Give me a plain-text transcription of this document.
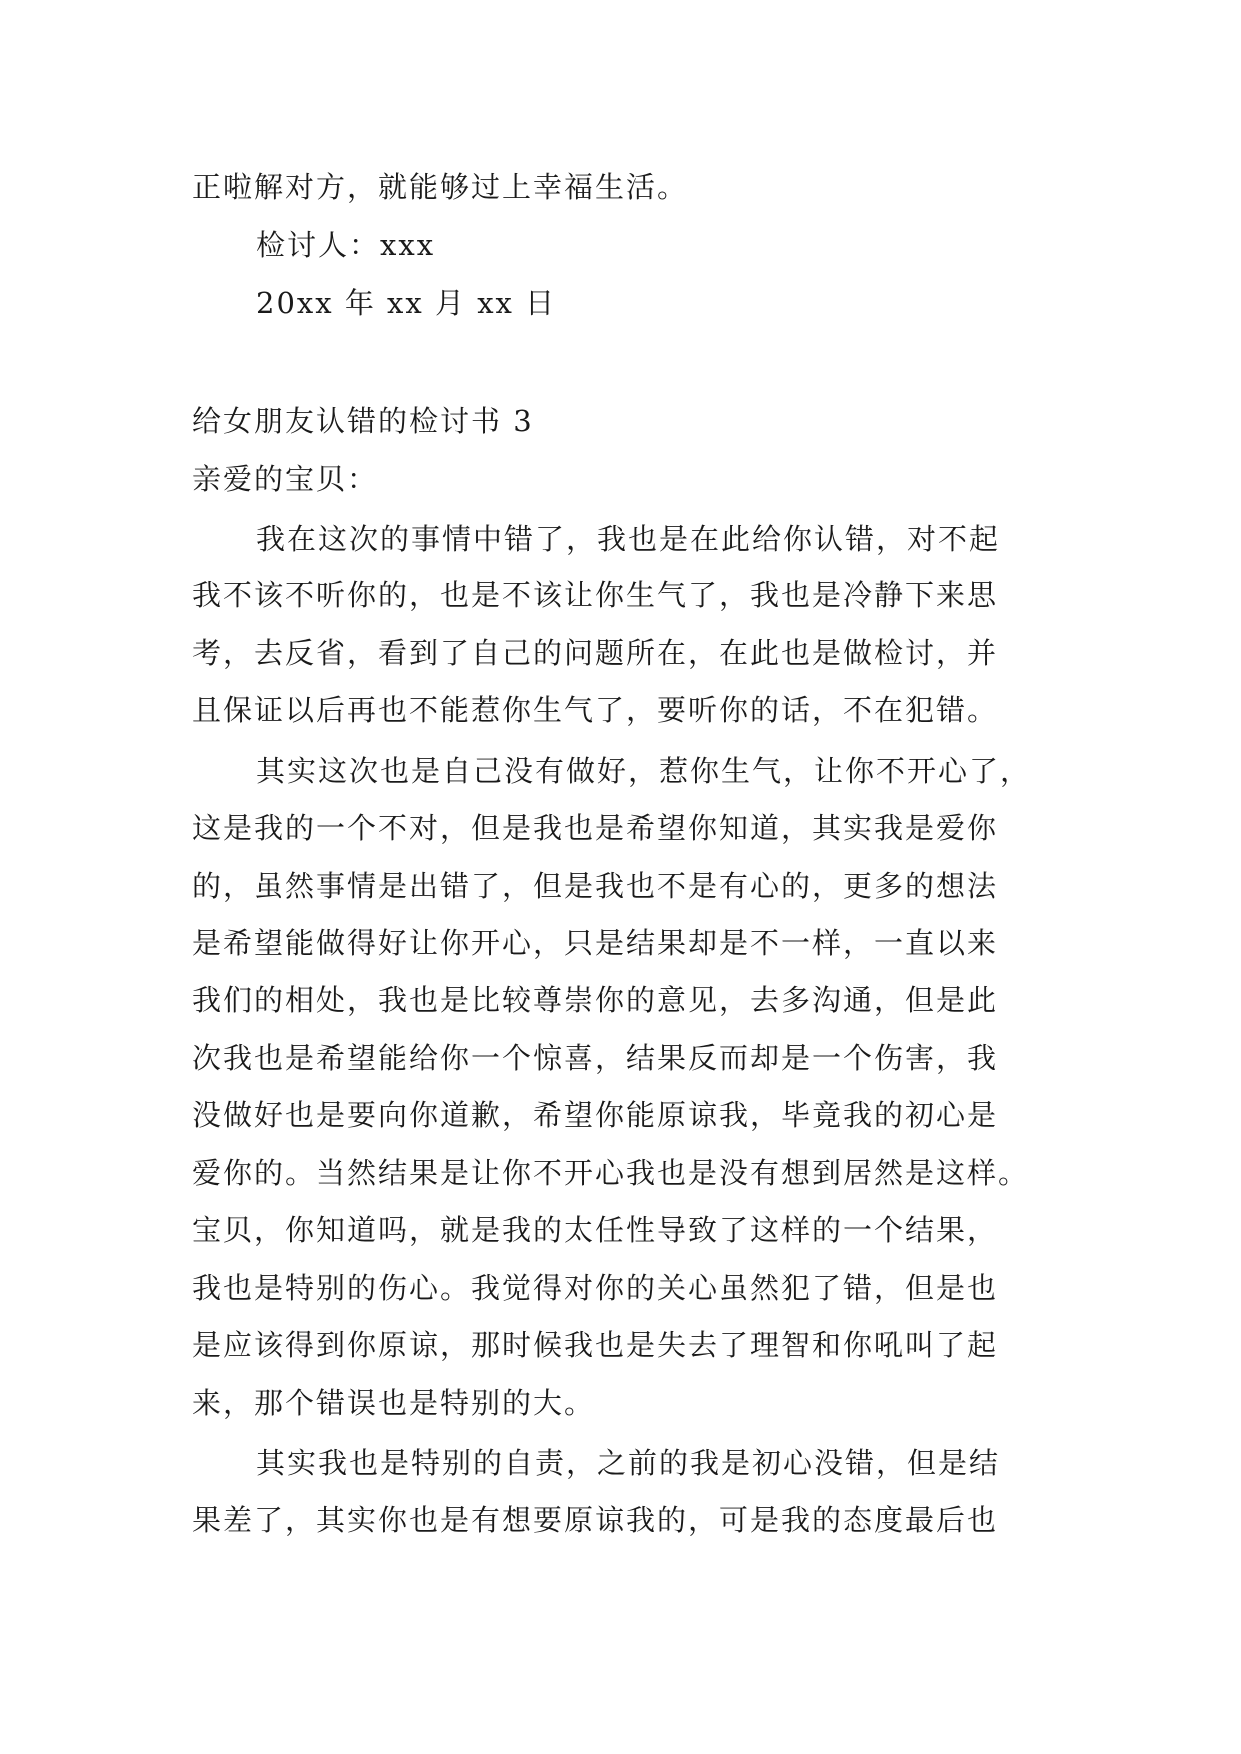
正啦解对方，就能够过上幸福生活。
检讨人：xxx
20xx 年 xx 月 xx 日
给女朋友认错的检讨书 3
亲爱的宝贝：
我在这次的事情中错了，我也是在此给你认错，对不起
我不该不听你的，也是不该让你生气了，我也是冷静下来思
考，去反省，看到了自己的问题所在，在此也是做检讨，并
且保证以后再也不能惹你生气了，要听你的话，不在犯错。
其实这次也是自己没有做好，惹你生气，让你不开心了，
这是我的一个不对，但是我也是希望你知道，其实我是爱你
的，虽然事情是出错了，但是我也不是有心的，更多的想法
是希望能做得好让你开心，只是结果却是不一样，一直以来
我们的相处，我也是比较尊崇你的意见，去多沟通，但是此
次我也是希望能给你一个惊喜，结果反而却是一个伤害，我
没做好也是要向你道歉，希望你能原谅我，毕竟我的初心是
爱你的。当然结果是让你不开心我也是没有想到居然是这样。
宝贝，你知道吗，就是我的太任性导致了这样的一个结果，
我也是特别的伤心。我觉得对你的关心虽然犯了错，但是也
是应该得到你原谅，那时候我也是失去了理智和你吼叫了起
来，那个错误也是特别的大。
其实我也是特别的自责，之前的我是初心没错，但是结
果差了，其实你也是有想要原谅我的，可是我的态度最后也
